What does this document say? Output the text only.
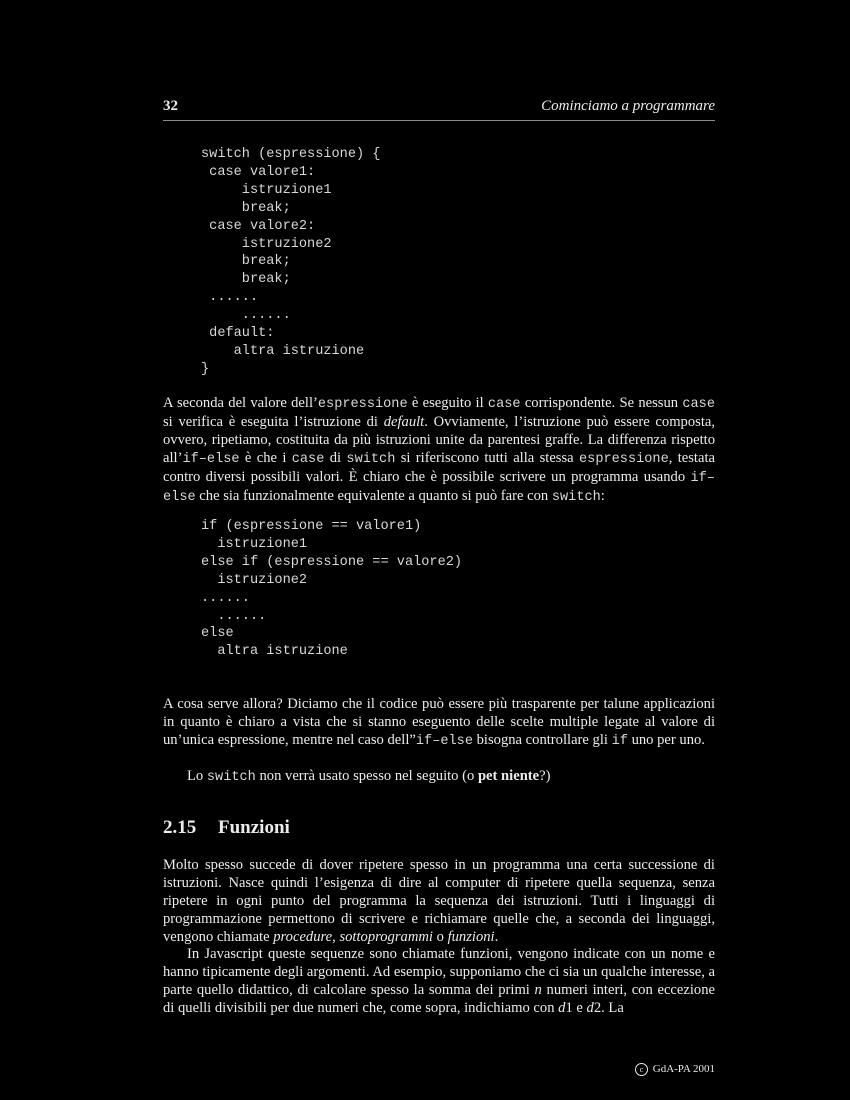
32	Cominciamo a programmare
switch (espressione) {
case valore1:
istruzione1
break;
case valore2:
istruzione2
break;
break;
......
......
default:
altra istruzione
}
A seconda del valore dell’espressione è eseguito il case corrispondente. Se nessun case si verifica è eseguita l’istruzione di default. Ovviamente, l’istruzione può essere composta, ovvero, ripetiamo, costituita da più istruzioni unite da parentesi graffe. La differenza rispetto all’if–else è che i case di switch si riferiscono tutti alla stessa espressione, testata contro diversi possibili valori. È chiaro che è possibile scrivere un programma usando if–else che sia funzionalmente equivalente a quanto si può fare con switch:
if (espressione == valore1)
istruzione1
else if (espressione == valore2)
istruzione2
......
......
else
altra istruzione
A cosa serve allora? Diciamo che il codice può essere più trasparente per talune applicazioni in quanto è chiaro a vista che si stanno eseguento delle scelte multiple legate al valore di un’unica espressione, mentre nel caso dell”if–else bisogna controllare gli if uno per uno.
Lo switch non verrà usato spesso nel seguito (o pet niente?)
2.15 Funzioni
Molto spesso succede di dover ripetere spesso in un programma una certa successione di istruzioni. Nasce quindi l’esigenza di dire al computer di ripetere quella sequenza, senza ripetere in ogni punto del programma la sequenza dei istruzioni. Tutti i linguaggi di programmazione permettono di scrivere e richiamare quelle che, a seconda dei linguaggi, vengono chiamate procedure, sottoprogrammi o funzioni.
In Javascript queste sequenze sono chiamate funzioni, vengono indicate con un nome e hanno tipicamente degli argomenti. Ad esempio, supponiamo che ci sia un qualche interesse, a parte quello didattico, di calcolare spesso la somma dei primi n numeri interi, con eccezione di quelli divisibili per due numeri che, come sopra, indichiamo con d1 e d2. La
c GdA-PA 2001
